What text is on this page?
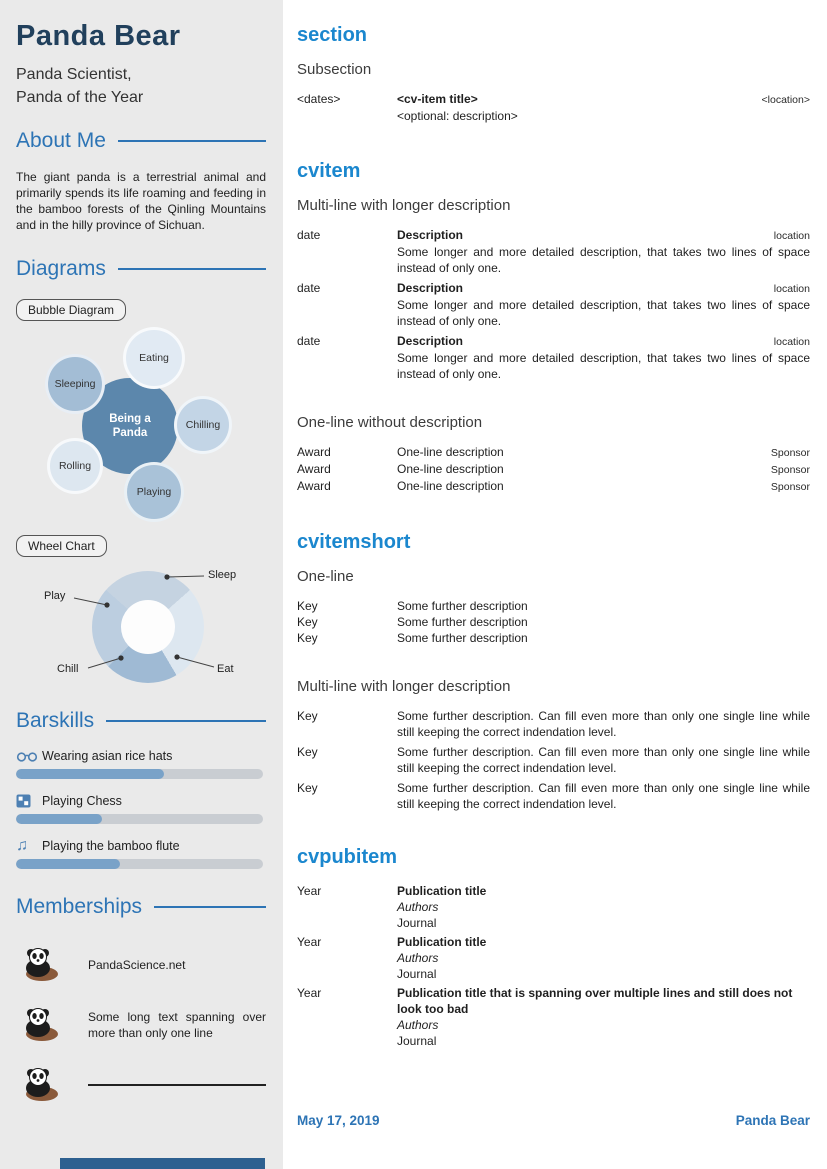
Panda Bear

Panda Scientist,
Panda of the Year

About Me

The giant panda is a terrestrial animal and primarily spends its life roaming and feeding in the bamboo forests of the Qinling Mountains and in the hilly province of Sichuan.

Diagrams
Bubble Diagram
Being a
Panda
Eating
Sleeping
Chilling
Rolling
Playing
Wheel Chart
Sleep
Eat
Chill
Play
Barskills
Wearing asian rice hats
Playing Chess
♫ Playing the bamboo flute
Memberships
PandaScience.net
Some long text spanning over more than only one line
section
Subsection
<dates>	<cv-item title>	<location>

<optional: description>

cvitem
Multi-line with longer description
date	Description	location

Some longer and more detailed description, that takes two lines of space instead of only one.

date	Description	location

Some longer and more detailed description, that takes two lines of space instead of only one.

date	Description	location

Some longer and more detailed description, that takes two lines of space instead of only one.

One-line without description
Award	One-line description	Sponsor
Award	One-line description	Sponsor
Award	One-line description	Sponsor
cvitemshort
One-line
Key	Some further description
Key	Some further description
Key	Some further description
Multi-line with longer description
Key	Some further description. Can fill even more than only one single line while still keeping the correct indendation level.

Key	Some further description. Can fill even more than only one single line while still keeping the correct indendation level.

Key	Some further description. Can fill even more than only one single line while still keeping the correct indendation level.

cvpubitem
Year	Publication title
Authors
Journal
Year	Publication title
Authors
Journal
Year	Publication title that is spanning over multiple lines and still does not look too bad
Authors
Journal
May 17, 2019	Panda Bear
